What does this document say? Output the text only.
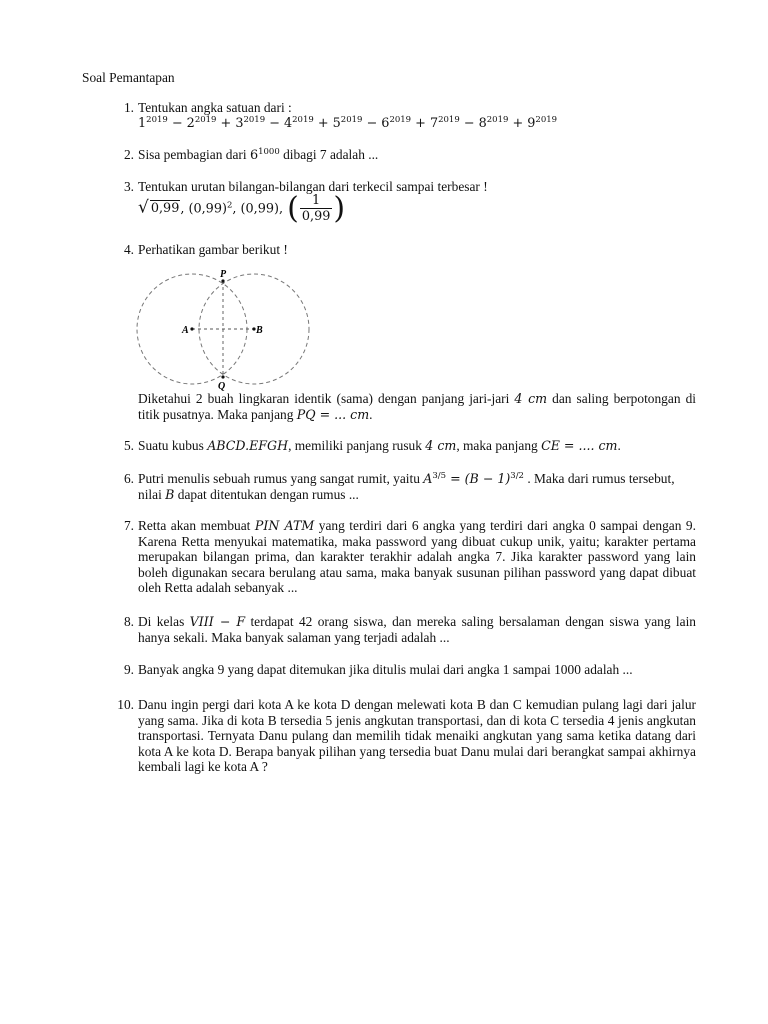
Soal Pemantapan
1. Tentukan angka satuan dari :
$1^{2019} - 2^{2019} + 3^{2019} - 4^{2019} + 5^{2019} - 6^{2019} + 7^{2019} - 8^{2019} + 9^{2019}$
2. Sisa pembagian dari $6^{1000}$ dibagi 7 adalah ...
3. Tentukan urutan bilangan-bilangan dari terkecil sampai terbesar !
√ 0,99, $(0,99)^2$, (0,99), ( $\frac{1}{0,99}$ )
4. Perhatikan gambar berikut !
P
A	B
Q
Diketahui 2 buah lingkaran identik (sama) dengan panjang jari-jari 4 cm dan saling berpotongan di titik pusatnya. Maka panjang PQ = ... cm.
5. Suatu kubus ABCD.EFGH, memiliki panjang rusuk 4 cm, maka panjang CE = .... cm.
6. Putri menulis sebuah rumus yang sangat rumit, yaitu $A^{3/5} = (B - 1)^{3/2}$ . Maka dari rumus tersebut, nilai B dapat ditentukan dengan rumus ...
7. Retta akan membuat PIN ATM yang terdiri dari 6 angka yang terdiri dari angka 0 sampai dengan 9. Karena Retta menyukai matematika, maka password yang dibuat cukup unik, yaitu; karakter pertama merupakan bilangan prima, dan karakter terakhir adalah angka 7. Jika karakter password yang lain boleh digunakan secara berulang atau sama, maka banyak susunan pilihan password yang dapat dibuat oleh Retta adalah sebanyak ...
8. Di kelas VIII − F terdapat 42 orang siswa, dan mereka saling bersalaman dengan siswa yang lain hanya sekali. Maka banyak salaman yang terjadi adalah ...
9. Banyak angka 9 yang dapat ditemukan jika ditulis mulai dari angka 1 sampai 1000 adalah ...
10. Danu ingin pergi dari kota A ke kota D dengan melewati kota B dan C kemudian pulang lagi dari jalur yang sama. Jika di kota B tersedia 5 jenis angkutan transportasi, dan di kota C tersedia 4 jenis angkutan transportasi. Ternyata Danu pulang dan memilih tidak menaiki angkutan yang sama ketika datang dari kota A ke kota D. Berapa banyak pilihan yang tersedia buat Danu mulai dari berangkat sampai akhirnya kembali lagi ke kota A ?
